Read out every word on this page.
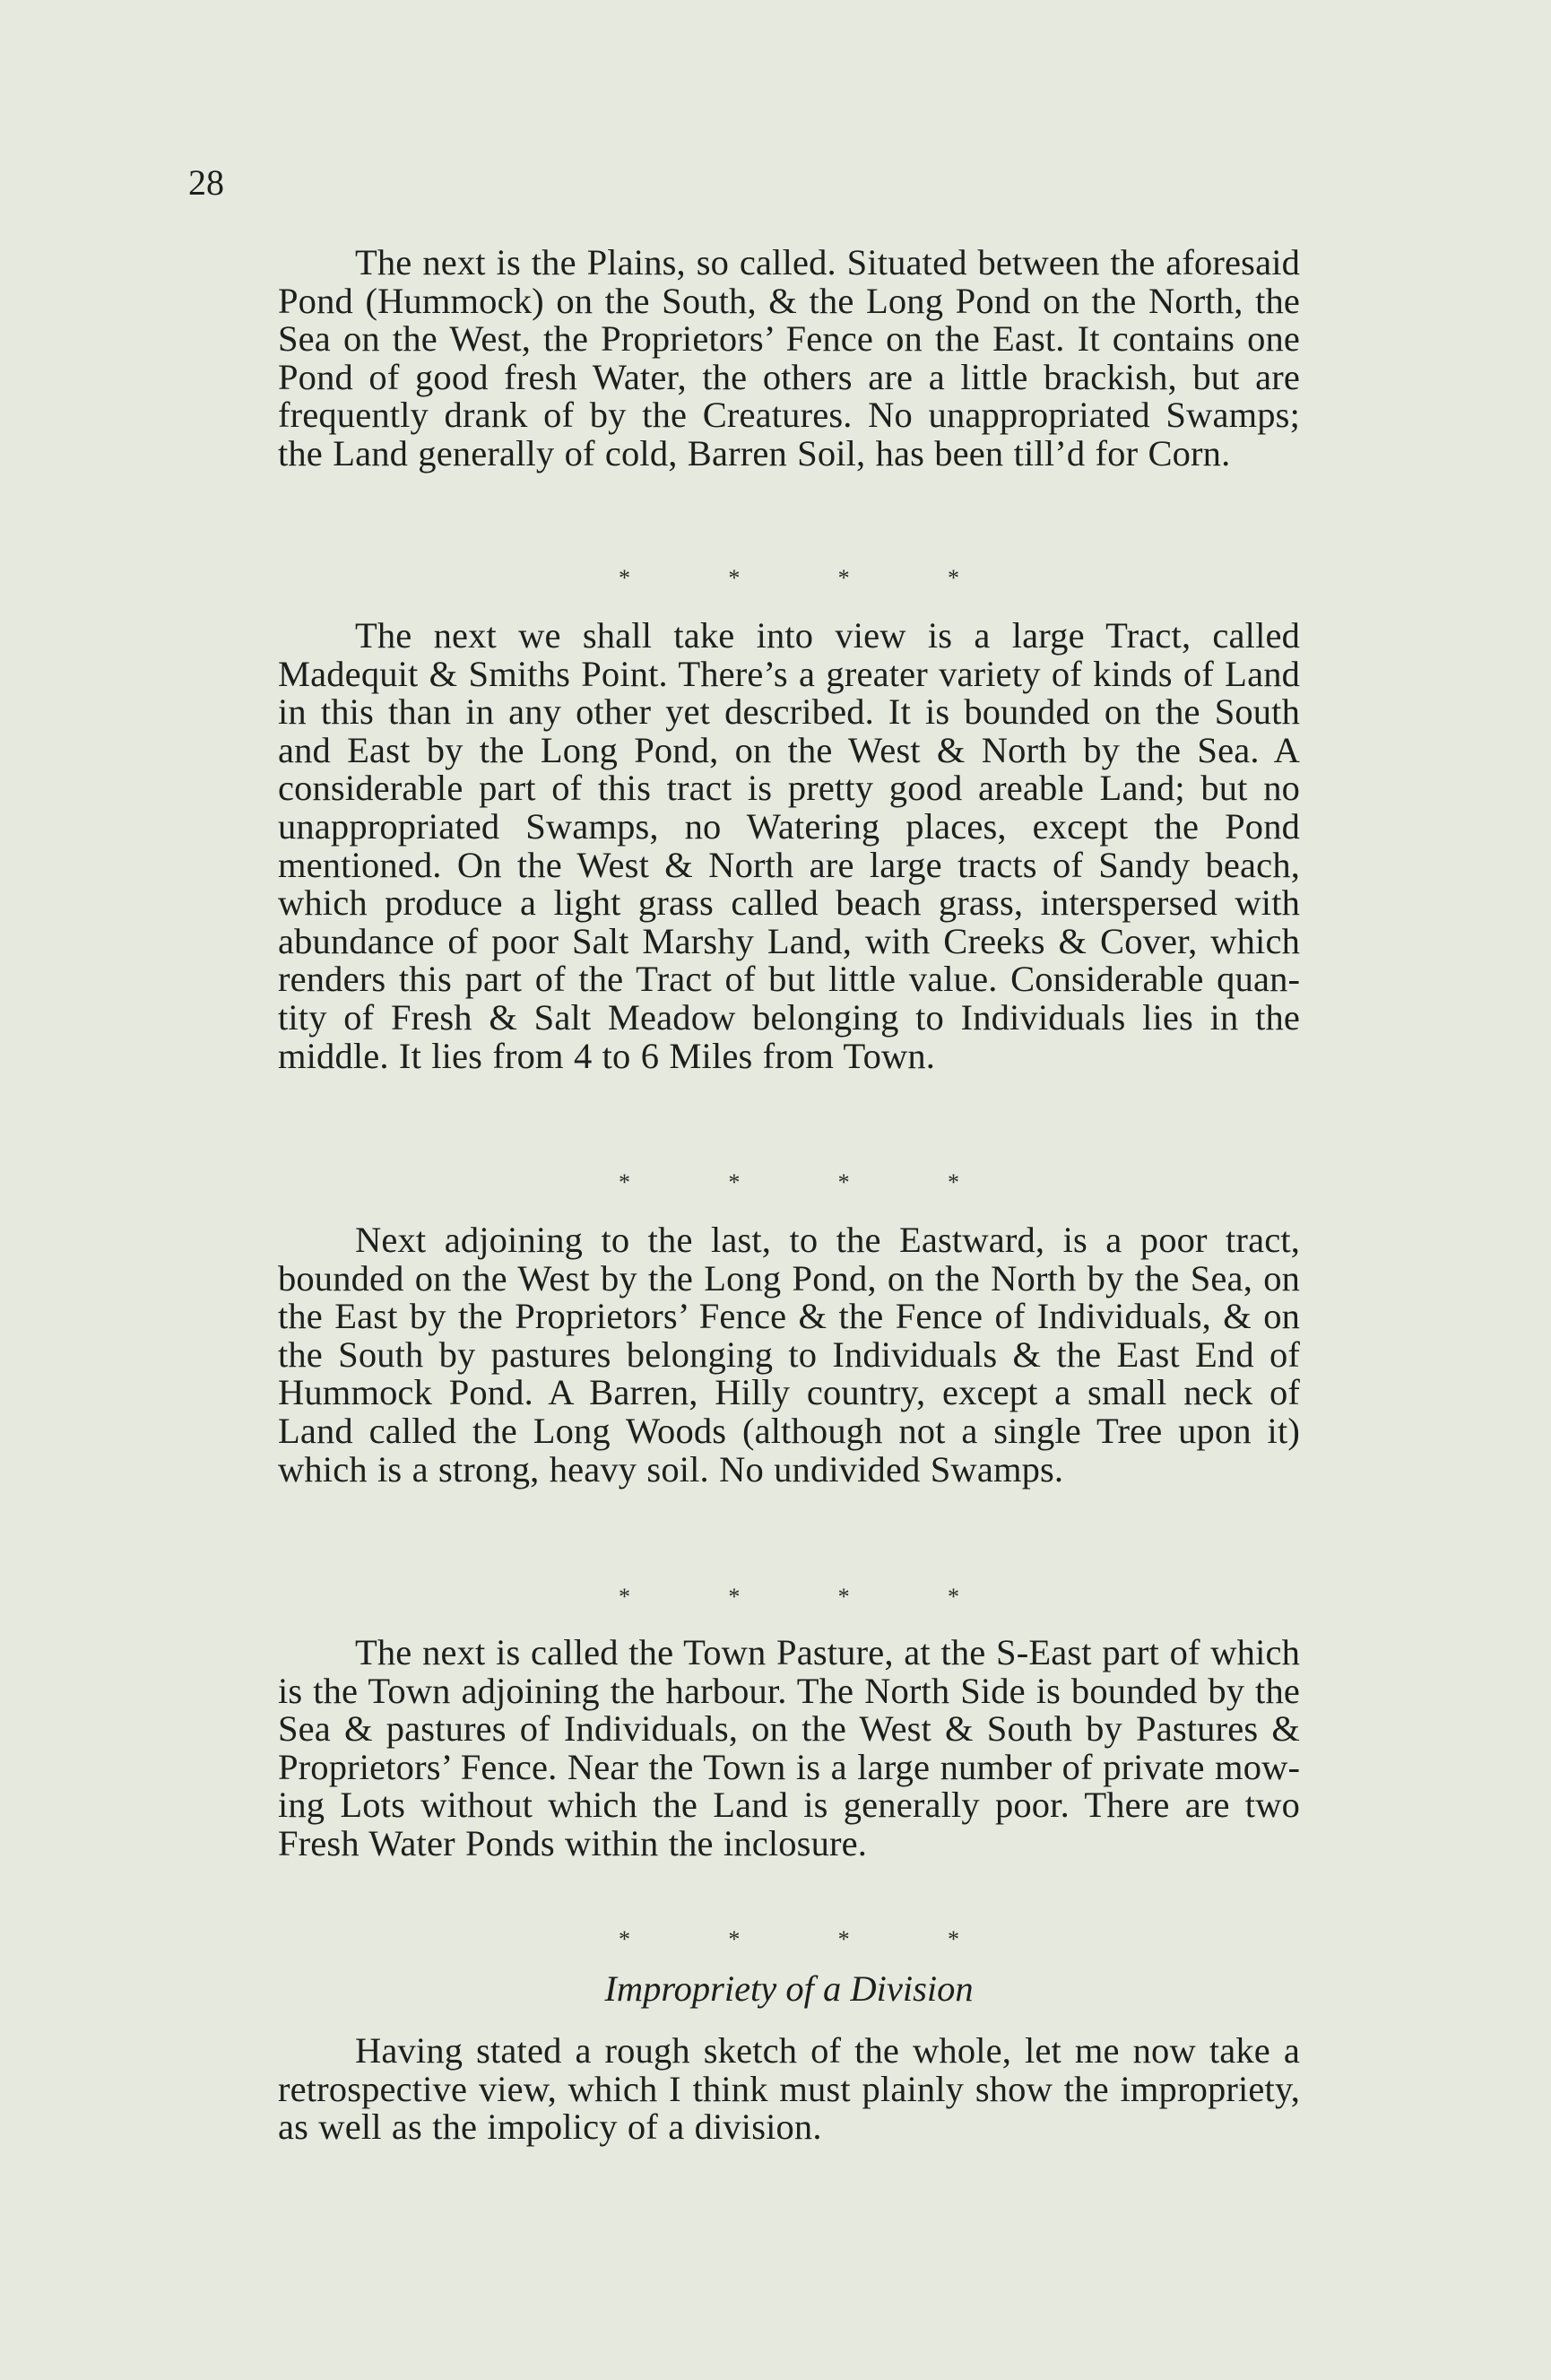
28

The next is the Plains, so called. Situated between the aforesaid Pond (Hummock) on the South, & the Long Pond on the North, the Sea on the West, the Proprietors’ Fence on the East. It contains one Pond of good fresh Water, the others are a little brackish, but are frequently drank of by the Creatures. No unappropriated Swamps; the Land generally of cold, Barren Soil, has been till’d for Corn.

*	*	*	*

The next we shall take into view is a large Tract, called Madequit & Smiths Point. There’s a greater variety of kinds of Land in this than in any other yet described. It is bounded on the South and East by the Long Pond, on the West & North by the Sea. A considerable part of this tract is pretty good areable Land; but no unappropriated Swamps, no Watering places, except the Pond mentioned. On the West & North are large tracts of Sandy beach, which produce a light grass called beach grass, interspersed with abundance of poor Salt Marshy Land, with Creeks & Cover, which renders this part of the Tract of but little value. Considerable quantity of Fresh & Salt Meadow belonging to Individuals lies in the middle. It lies from 4 to 6 Miles from Town.

*	*	*	*

Next adjoining to the last, to the Eastward, is a poor tract, bounded on the West by the Long Pond, on the North by the Sea, on the East by the Proprietors’ Fence & the Fence of Individuals, & on the South by pastures belonging to Individuals & the East End of Hummock Pond. A Barren, Hilly country, except a small neck of Land called the Long Woods (although not a single Tree upon it) which is a strong, heavy soil. No undivided Swamps.

*	*	*	*

The next is called the Town Pasture, at the S-East part of which is the Town adjoining the harbour. The North Side is bounded by the Sea & pastures of Individuals, on the West & South by Pastures & Proprietors’ Fence. Near the Town is a large number of private mowing Lots without which the Land is generally poor. There are two Fresh Water Ponds within the inclosure.

*	*	*	*
Impropriety of a Division

Having stated a rough sketch of the whole, let me now take a retrospective view, which I think must plainly show the impropriety, as well as the impolicy of a division.
